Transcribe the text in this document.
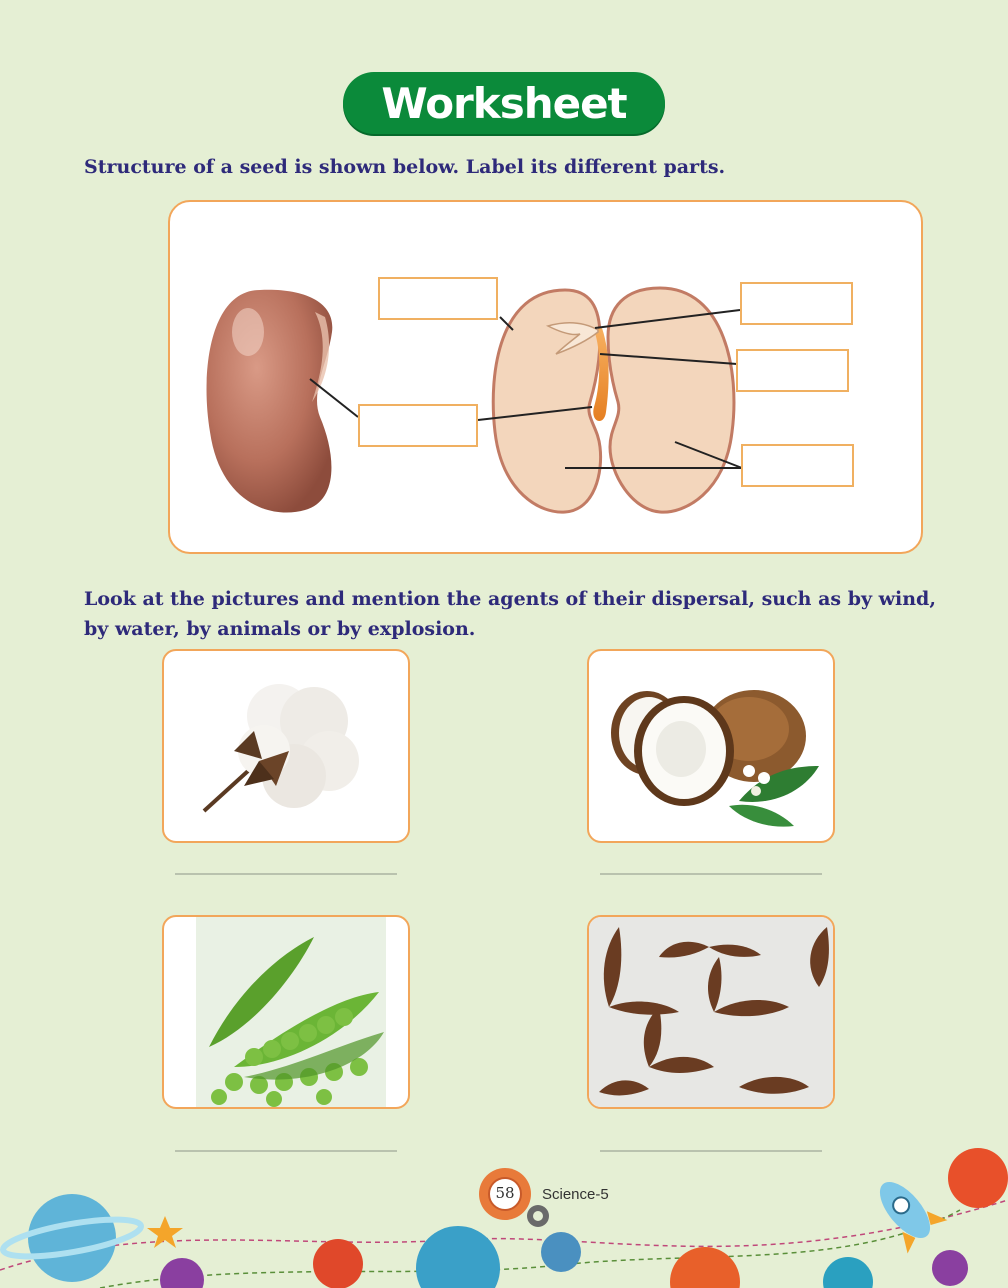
Worksheet
Structure of a seed is shown below. Label its different parts.
Look at the pictures and mention the agents of their dispersal, such as by wind, by water, by animals or by explosion.
58	Science-5
